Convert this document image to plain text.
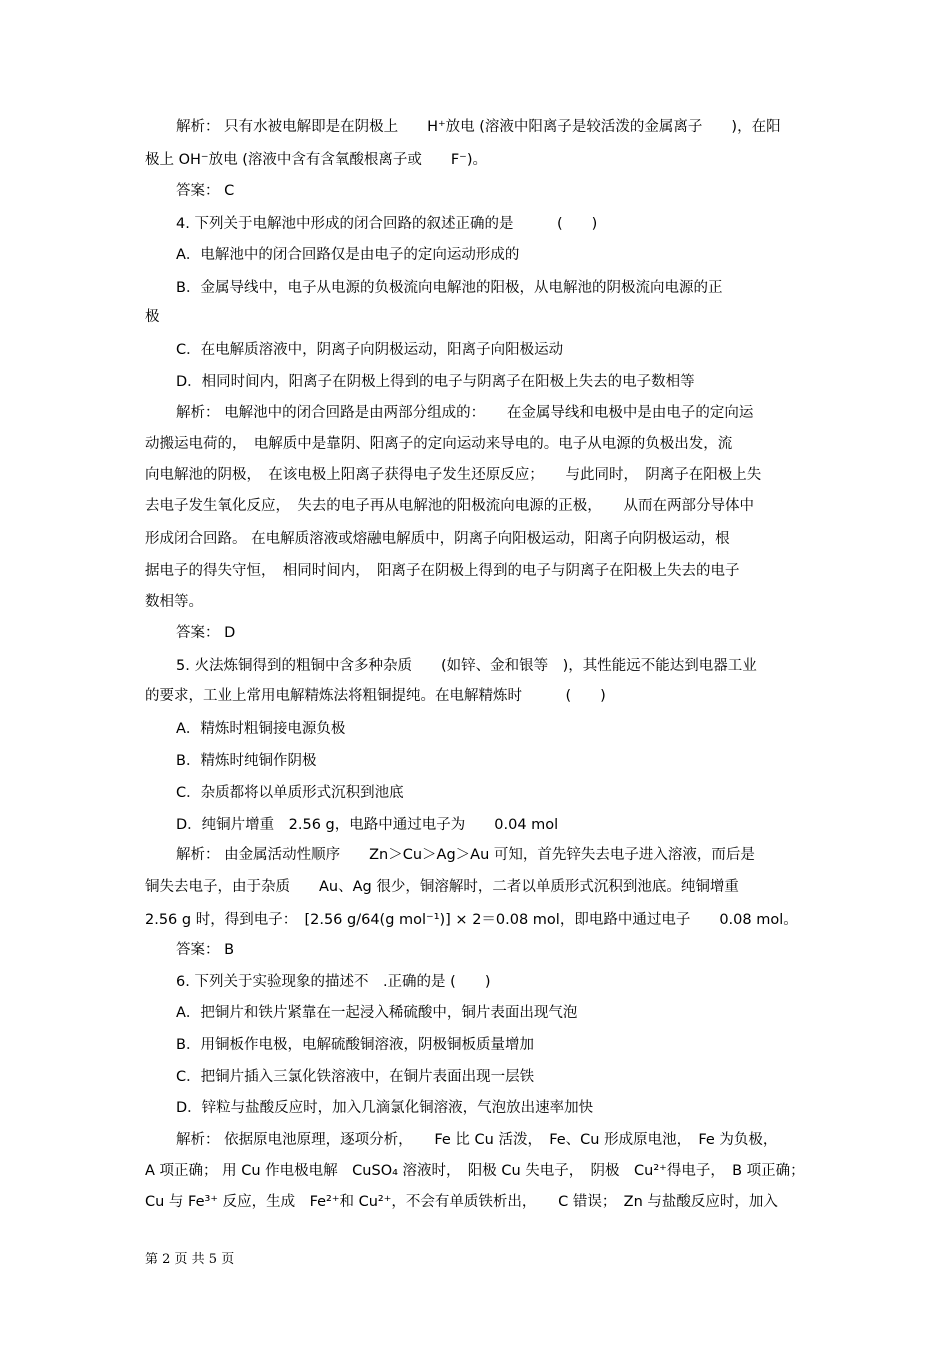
解析： 只有水被电解即是在阴极上　　H⁺放电 (溶液中阳离子是较活泼的金属离子　　)，在阳
极上 OH⁻放电 (溶液中含有含氧酸根离子或　　F⁻)。
答案： C
4. 下列关于电解池中形成的闭合回路的叙述正确的是　　　(　　)
A．电解池中的闭合回路仅是由电子的定向运动形成的
B．金属导线中，电子从电源的负极流向电解池的阳极，从电解池的阴极流向电源的正
极
C．在电解质溶液中，阴离子向阴极运动，阳离子向阳极运动
D．相同时间内，阳离子在阴极上得到的电子与阴离子在阳极上失去的电子数相等
解析： 电解池中的闭合回路是由两部分组成的：　　在金属导线和电极中是由电子的定向运
动搬运电荷的，　电解质中是靠阴、阳离子的定向运动来导电的。电子从电源的负极出发，流
向电解池的阴极，　在该电极上阳离子获得电子发生还原反应；　　与此同时，　阴离子在阳极上失
去电子发生氧化反应，　失去的电子再从电解池的阳极流向电源的正极，　　从而在两部分导体中
形成闭合回路。 在电解质溶液或熔融电解质中，阴离子向阳极运动，阳离子向阴极运动，根
据电子的得失守恒，　相同时间内，　阳离子在阴极上得到的电子与阴离子在阳极上失去的电子
数相等。
答案： D
5. 火法炼铜得到的粗铜中含多种杂质　　(如锌、金和银等　)，其性能远不能达到电器工业
的要求，工业上常用电解精炼法将粗铜提纯。在电解精炼时　　　(　　)
A．精炼时粗铜接电源负极
B．精炼时纯铜作阴极
C．杂质都将以单质形式沉积到池底
D．纯铜片增重　2.56 g，电路中通过电子为　　0.04 mol
解析： 由金属活动性顺序　　Zn＞Cu＞Ag＞Au 可知，首先锌失去电子进入溶液，而后是
铜失去电子，由于杂质　　Au、Ag 很少，铜溶解时，二者以单质形式沉积到池底。纯铜增重
2.56 g 时，得到电子：　[2.56 g/64(g mol⁻¹)] × 2＝0.08 mol，即电路中通过电子　　0.08 mol。
答案： B
6. 下列关于实验现象的描述不　.正确的是 (　　)
A．把铜片和铁片紧靠在一起浸入稀硫酸中，铜片表面出现气泡
B．用铜板作电极，电解硫酸铜溶液，阴极铜板质量增加
C．把铜片插入三氯化铁溶液中，在铜片表面出现一层铁
D．锌粒与盐酸反应时，加入几滴氯化铜溶液，气泡放出速率加快
解析： 依据原电池原理，逐项分析，　　Fe 比 Cu 活泼，　Fe、Cu 形成原电池，　Fe 为负极，
A 项正确； 用 Cu 作电极电解　CuSO₄ 溶液时，　阳极 Cu 失电子，　阴极　Cu²⁺得电子，　B 项正确；
Cu 与 Fe³⁺ 反应，生成　Fe²⁺和 Cu²⁺，不会有单质铁析出，　　C 错误；　Zn 与盐酸反应时，加入
第 2 页 共 5 页
